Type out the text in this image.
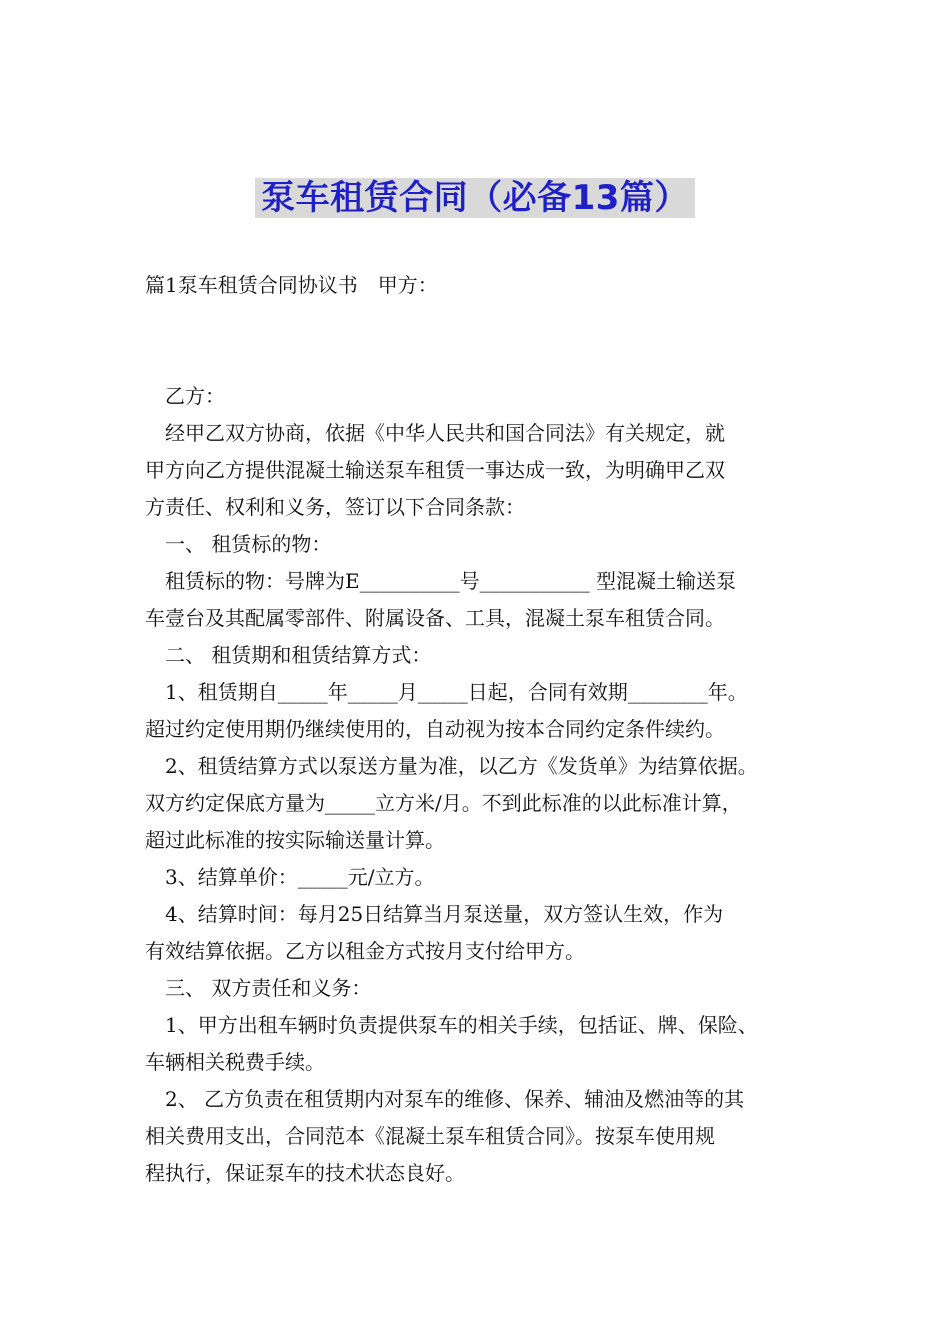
泵车租赁合同（必备13篇）
篇1泵车租赁合同协议书　甲方：
　乙方：
　经甲乙双方协商，依据《中华人民共和国合同法》有关规定，就
甲方向乙方提供混凝土输送泵车租赁一事达成一致，为明确甲乙双
方责任、权利和义务，签订以下合同条款：
　一、 租赁标的物：
　租赁标的物：号牌为E__________号___________ 型混凝土输送泵
车壹台及其配属零部件、附属设备、工具，混凝土泵车租赁合同。
　二、 租赁期和租赁结算方式：
　1、租赁期自_____年_____月_____日起，合同有效期________年。
超过约定使用期仍继续使用的，自动视为按本合同约定条件续约。
　2、租赁结算方式以泵送方量为准，以乙方《发货单》为结算依据。
双方约定保底方量为_____立方米/月。不到此标准的以此标准计算，
超过此标准的按实际输送量计算。
　3、结算单价：_____元/立方。
　4、结算时间：每月25日结算当月泵送量，双方签认生效，作为
有效结算依据。乙方以租金方式按月支付给甲方。
　三、 双方责任和义务：
　1、甲方出租车辆时负责提供泵车的相关手续，包括证、牌、保险、
车辆相关税费手续。
　2、 乙方负责在租赁期内对泵车的维修、保养、辅油及燃油等的其
相关费用支出，合同范本《混凝土泵车租赁合同》。按泵车使用规
程执行，保证泵车的技术状态良好。
